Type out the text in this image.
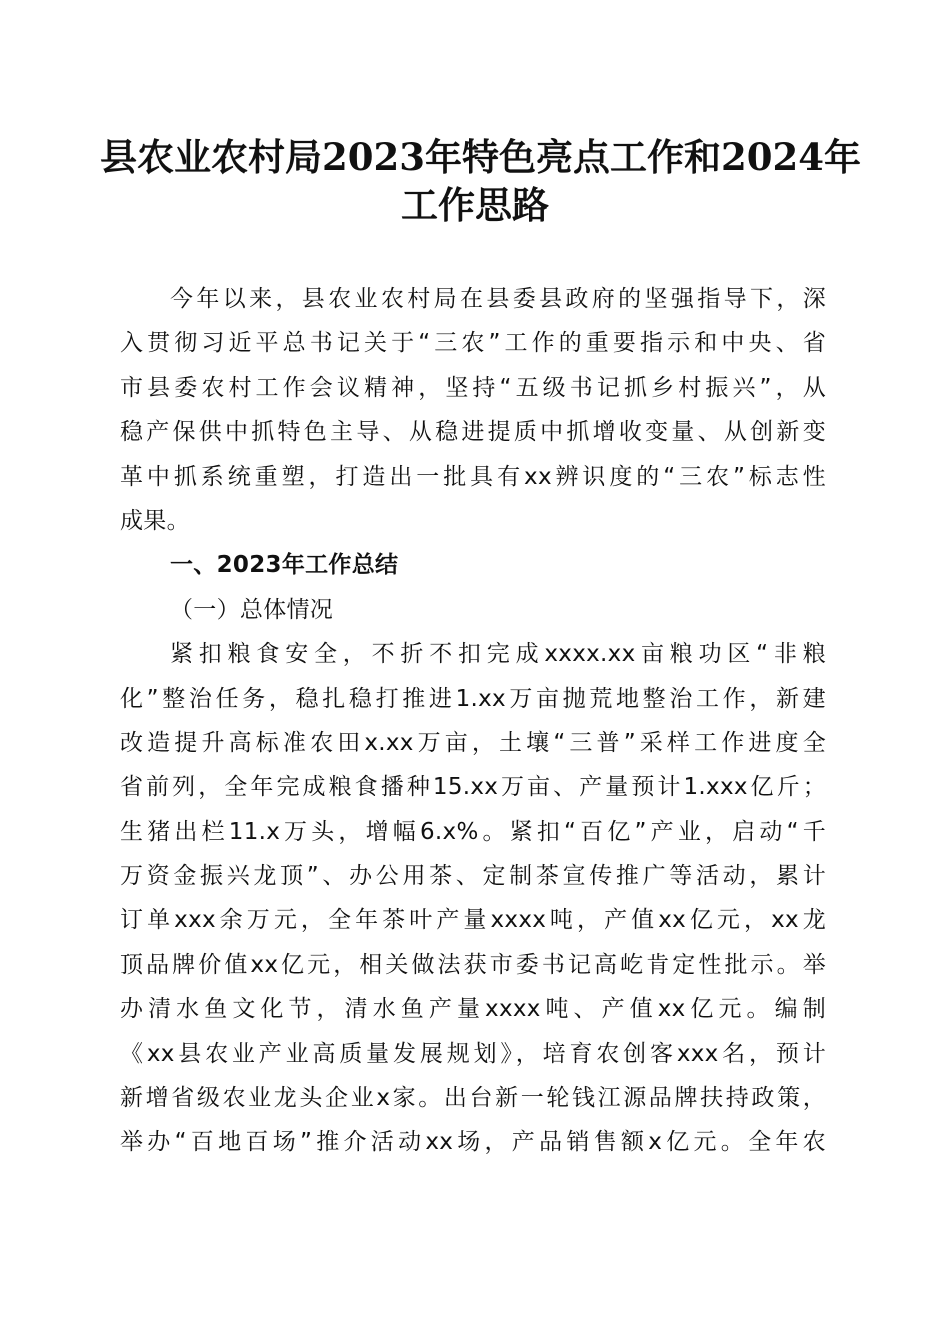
县农业农村局2023年特色亮点工作和2024年
工作思路
今年以来，县农业农村局在县委县政府的坚强指导下，深
入贯彻习近平总书记关于“三农”工作的重要指示和中央、省
市县委农村工作会议精神，坚持“五级书记抓乡村振兴”，从
稳产保供中抓特色主导、从稳进提质中抓增收变量、从创新变
革中抓系统重塑，打造出一批具有xx辨识度的“三农”标志性
成果。
一、2023年工作总结
（一）总体情况
紧扣粮食安全，不折不扣完成xxxx.xx亩粮功区“非粮
化”整治任务，稳扎稳打推进1.xx万亩抛荒地整治工作，新建
改造提升高标准农田x.xx万亩，土壤“三普”采样工作进度全
省前列，全年完成粮食播种15.xx万亩、产量预计1.xxx亿斤；
生猪出栏11.x万头，增幅6.x%。紧扣“百亿”产业，启动“千
万资金振兴龙顶”、办公用茶、定制茶宣传推广等活动，累计
订单xxx余万元，全年茶叶产量xxxx吨，产值xx亿元，xx龙
顶品牌价值xx亿元，相关做法获市委书记高屹肯定性批示。举
办清水鱼文化节，清水鱼产量xxxx吨、产值xx亿元。编制
《xx县农业产业高质量发展规划》，培育农创客xxx名，预计
新增省级农业龙头企业x家。出台新一轮钱江源品牌扶持政策，
举办“百地百场”推介活动xx场，产品销售额x亿元。全年农
